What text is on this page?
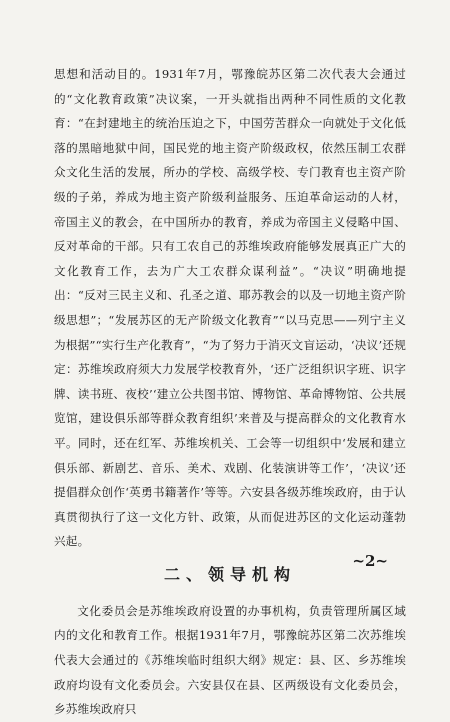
思想和活动目的。1931年7月，鄂豫皖苏区第二次代表大会通过的“文化教育政策”决议案，一开头就指出两种不同性质的文化教育：“在封建地主的统治压迫之下，中国劳苦群众一向就处于文化低落的黑暗地狱中间，国民党的地主资产阶级政权，依然压制工农群众文化生活的发展，所办的学校、高级学校、专门教育也主资产阶级的子弟，养成为地主资产阶级利益服务、压迫革命运动的人材，帝国主义的教会，在中国所办的教育，养成为帝国主义侵略中国、反对革命的干部。只有工农自己的苏维埃政府能够发展真正广大的文化教育工作，去为广大工农群众谋利益”。“决议”明确地提出：“反对三民主义和、孔圣之道、耶苏教会的以及一切地主资产阶级思想”；“发展苏区的无产阶级文化教育”“以马克思——列宁主义为根据”“实行生产化教育”，“为了努力于消灭文盲运动，‘决议’还规定：苏维埃政府须大力发展学校教育外，‘还广泛组织识字班、识字牌、读书班、夜校’‘建立公共图书馆、博物馆、革命博物馆、公共展览馆，建设俱乐部等群众教育组织’来普及与提高群众的文化教育水平。同时，还在红军、苏维埃机关、工会等一切组织中‘发展和建立俱乐部、新剧艺、音乐、美术、戏剧、化装演讲等工作’，‘决议’还提倡群众创作‘英勇书籍著作’等等。六安县各级苏维埃政府，由于认真贯彻执行了这一文化方针、政策，从而促进苏区的文化运动蓬勃兴起。

二、领导机构

文化委员会是苏维埃政府设置的办事机构，负责管理所属区域内的文化和教育工作。根据1931年7月，鄂豫皖苏区第二次苏维埃代表大会通过的《苏维埃临时组织大纲》规定：县、区、乡苏维埃政府均设有文化委员会。六安县仅在县、区两级设有文化委员会，乡苏维埃政府只

~2~
